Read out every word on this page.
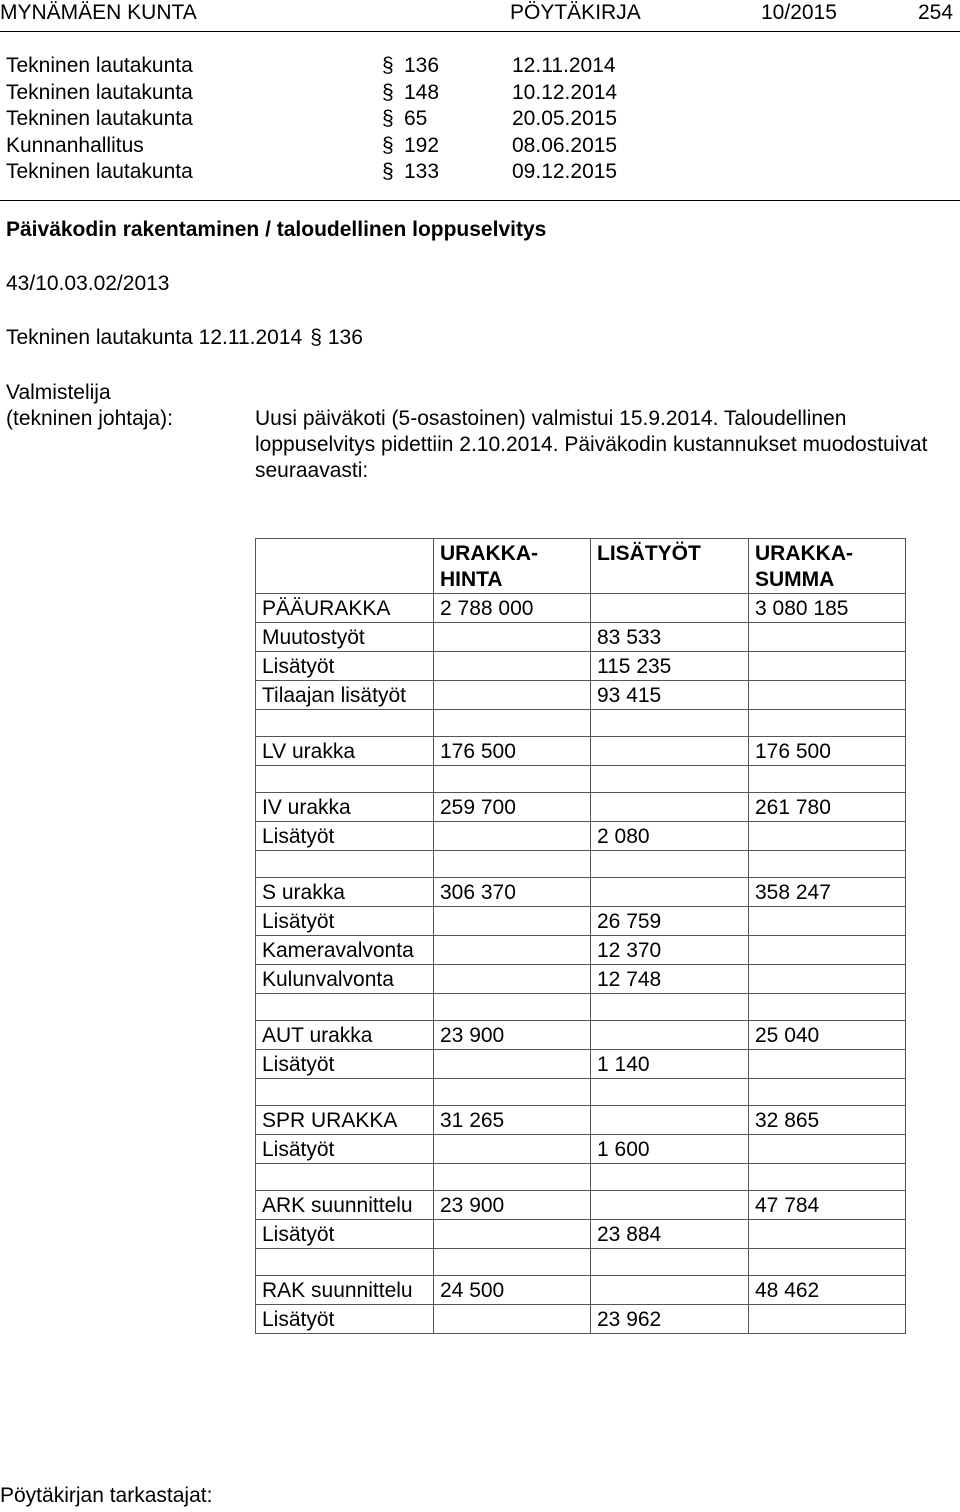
MYNÄMÄEN KUNTA	PÖYTÄKIRJA	10/2015	254
Tekninen lautakunta	§ 136	12.11.2014
Tekninen lautakunta	§ 148	10.12.2014
Tekninen lautakunta	§ 65	20.05.2015
Kunnanhallitus	§ 192	08.06.2015
Tekninen lautakunta	§ 133	09.12.2015
Päiväkodin rakentaminen / taloudellinen loppuselvitys
43/10.03.02/2013
Tekninen lautakunta 12.11.2014 § 136
Valmistelija
(tekninen johtaja):	Uusi päiväkoti (5-osastoinen) valmistui 15.9.2014. Taloudellinen loppuselvitys pidettiin 2.10.2014. Päiväkodin kustannukset muodostuivat seuraavasti:
	URAKKA-HINTA	LISÄTYÖT	URAKKA-SUMMA
PÄÄURAKKA	2 788 000		3 080 185
Muutostyöt		83 533	
Lisätyöt		115 235	
Tilaajan lisätyöt		93 415	

LV urakka	176 500		176 500

IV urakka	259 700		261 780
Lisätyöt		2 080	

S urakka	306 370		358 247
Lisätyöt		26 759	
Kameravalvonta		12 370	
Kulunvalvonta		12 748	

AUT urakka	23 900		25 040
Lisätyöt		1 140	

SPR URAKKA	31 265		32 865
Lisätyöt		1 600	

ARK suunnittelu	23 900		47 784
Lisätyöt		23 884	

RAK suunnittelu	24 500		48 462
Lisätyöt		23 962	
Pöytäkirjan tarkastajat:
